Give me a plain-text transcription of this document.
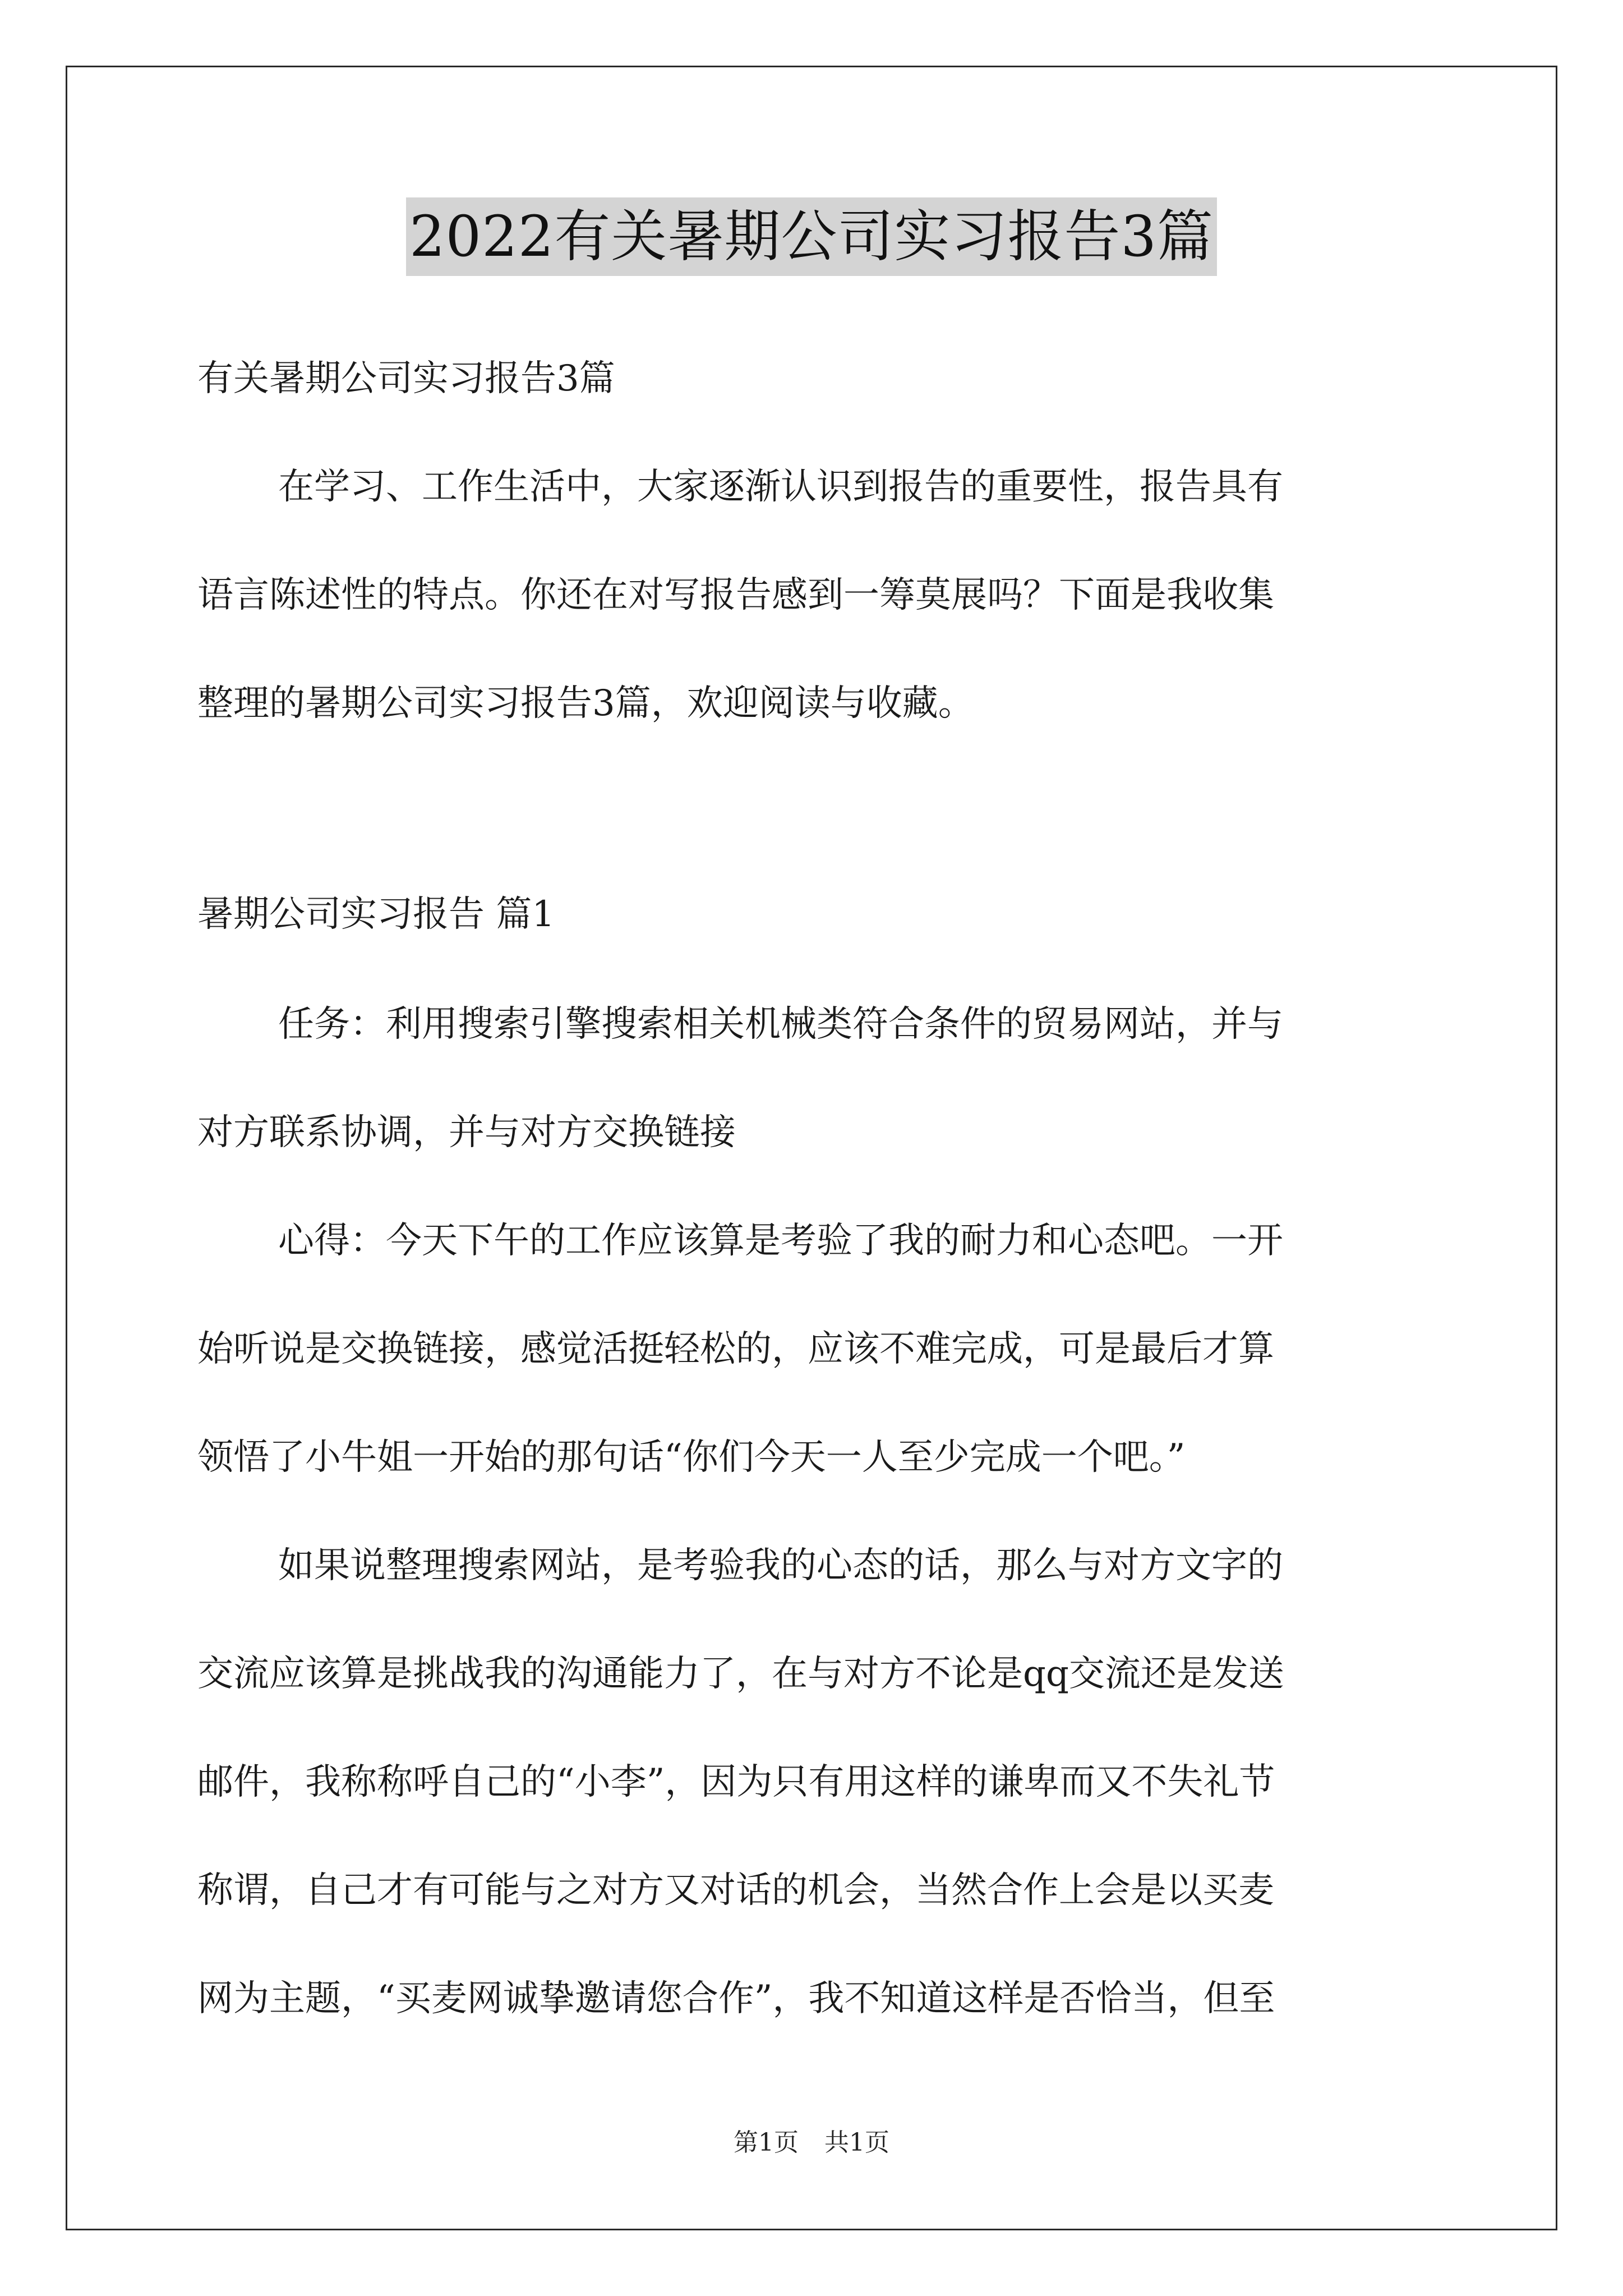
2022有关暑期公司实习报告3篇
有关暑期公司实习报告3篇
在学习、工作生活中，大家逐渐认识到报告的重要性，报告具有
语言陈述性的特点。你还在对写报告感到一筹莫展吗？下面是我收集
整理的暑期公司实习报告3篇，欢迎阅读与收藏。
暑期公司实习报告 篇1
任务：利用搜索引擎搜索相关机械类符合条件的贸易网站，并与
对方联系协调，并与对方交换链接
心得：今天下午的工作应该算是考验了我的耐力和心态吧。一开
始听说是交换链接，感觉活挺轻松的，应该不难完成，可是最后才算
领悟了小牛姐一开始的那句话“你们今天一人至少完成一个吧。”
如果说整理搜索网站，是考验我的心态的话，那么与对方文字的
交流应该算是挑战我的沟通能力了，在与对方不论是qq交流还是发送
邮件，我称称呼自己的“小李”，因为只有用这样的谦卑而又不失礼节
称谓，自己才有可能与之对方又对话的机会，当然合作上会是以买麦
网为主题，“买麦网诚挚邀请您合作”，我不知道这样是否恰当，但至
第1页 共1页
